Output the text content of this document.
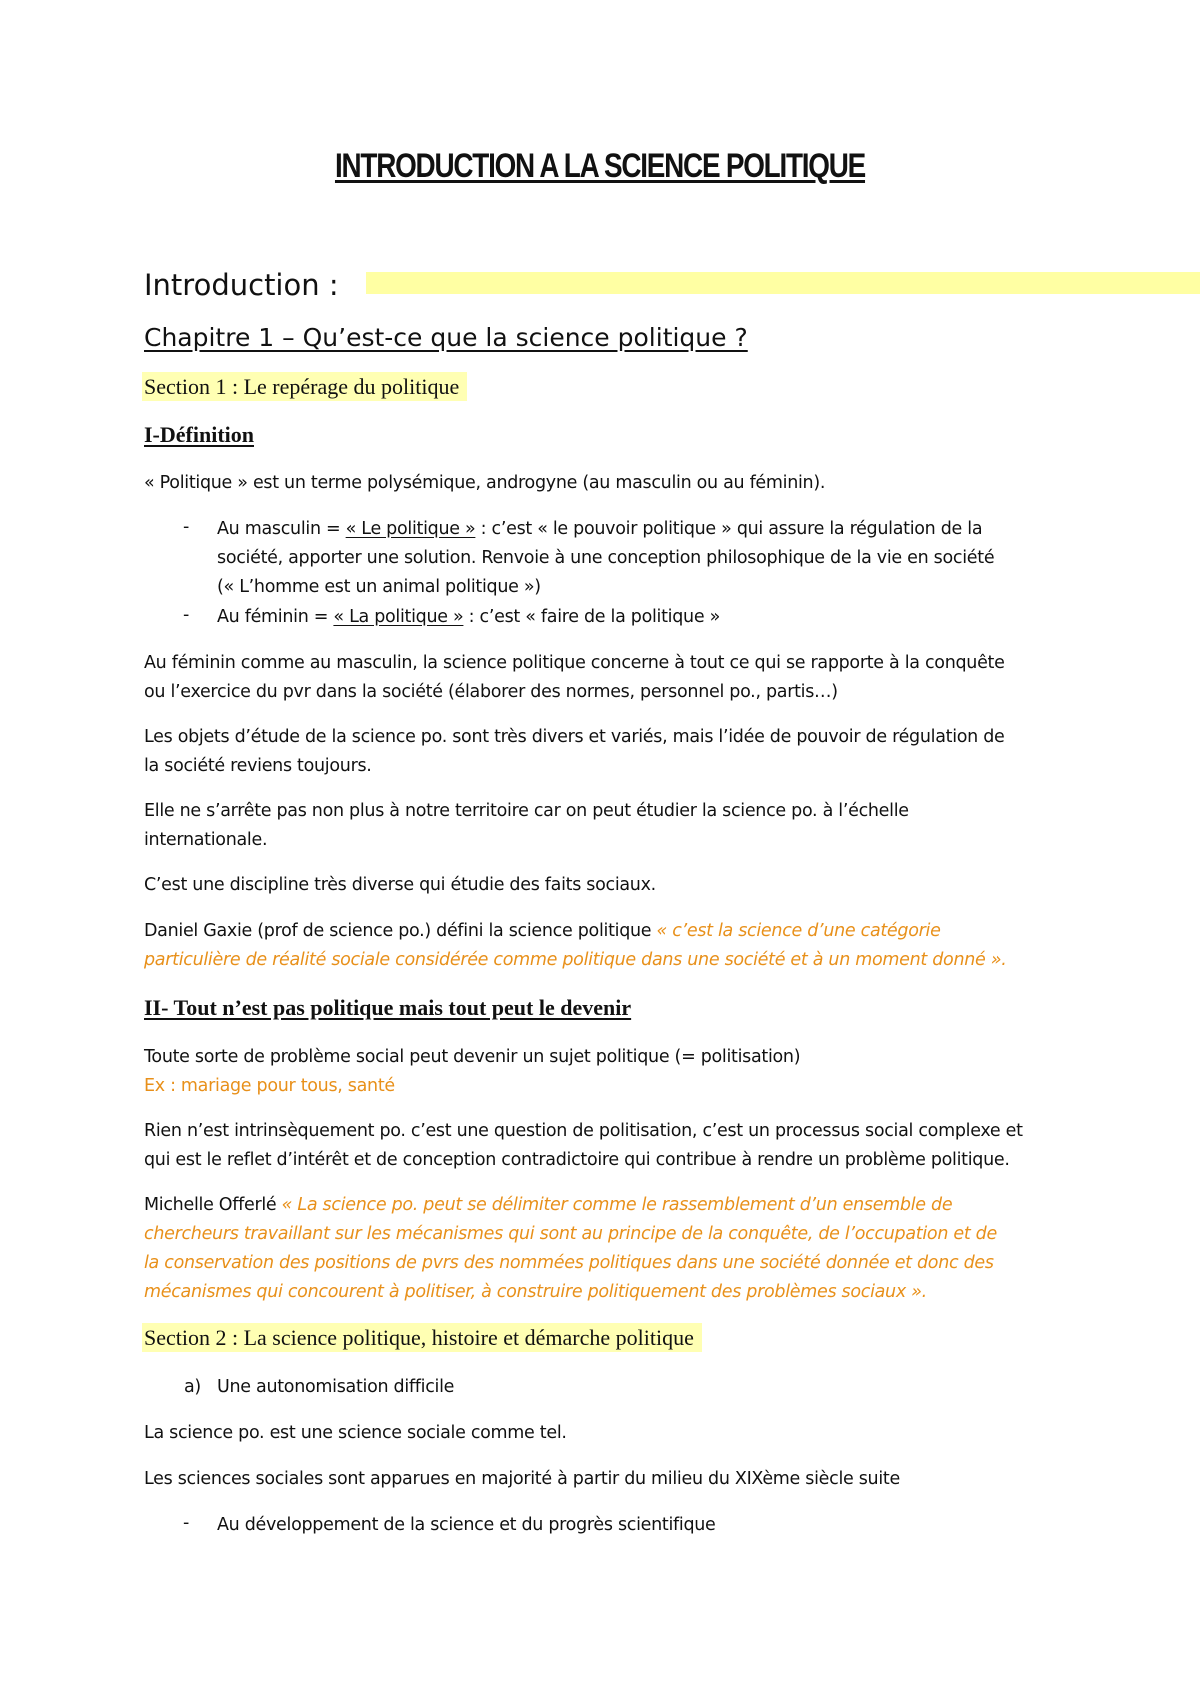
INTRODUCTION A LA SCIENCE POLITIQUE
Introduction :
Chapitre 1 – Qu’est-ce que la science politique ?
Section 1 : Le repérage du politique
I-Définition
« Politique » est un terme polysémique, androgyne (au masculin ou au féminin).
- Au masculin = « Le politique » : c’est « le pouvoir politique » qui assure la régulation de la
société, apporter une solution. Renvoie à une conception philosophique de la vie en société
(« L’homme est un animal politique »)
- Au féminin = « La politique » : c’est « faire de la politique »
Au féminin comme au masculin, la science politique concerne à tout ce qui se rapporte à la conquête
ou l’exercice du pvr dans la société (élaborer des normes, personnel po., partis…)
Les objets d’étude de la science po. sont très divers et variés, mais l’idée de pouvoir de régulation de
la société reviens toujours.
Elle ne s’arrête pas non plus à notre territoire car on peut étudier la science po. à l’échelle
internationale.
C’est une discipline très diverse qui étudie des faits sociaux.
Daniel Gaxie (prof de science po.) défini la science politique « c’est la science d’une catégorie
particulière de réalité sociale considérée comme politique dans une société et à un moment donné ».
II- Tout n’est pas politique mais tout peut le devenir
Toute sorte de problème social peut devenir un sujet politique (= politisation)
Ex : mariage pour tous, santé
Rien n’est intrinsèquement po. c’est une question de politisation, c’est un processus social complexe et
qui est le reflet d’intérêt et de conception contradictoire qui contribue à rendre un problème politique.
Michelle Offerlé « La science po. peut se délimiter comme le rassemblement d’un ensemble de
chercheurs travaillant sur les mécanismes qui sont au principe de la conquête, de l’occupation et de
la conservation des positions de pvrs des nommées politiques dans une société donnée et donc des
mécanismes qui concourent à politiser, à construire politiquement des problèmes sociaux ».
Section 2 : La science politique, histoire et démarche politique
a) Une autonomisation difficile
La science po. est une science sociale comme tel.
Les sciences sociales sont apparues en majorité à partir du milieu du XIXème siècle suite
- Au développement de la science et du progrès scientifique
